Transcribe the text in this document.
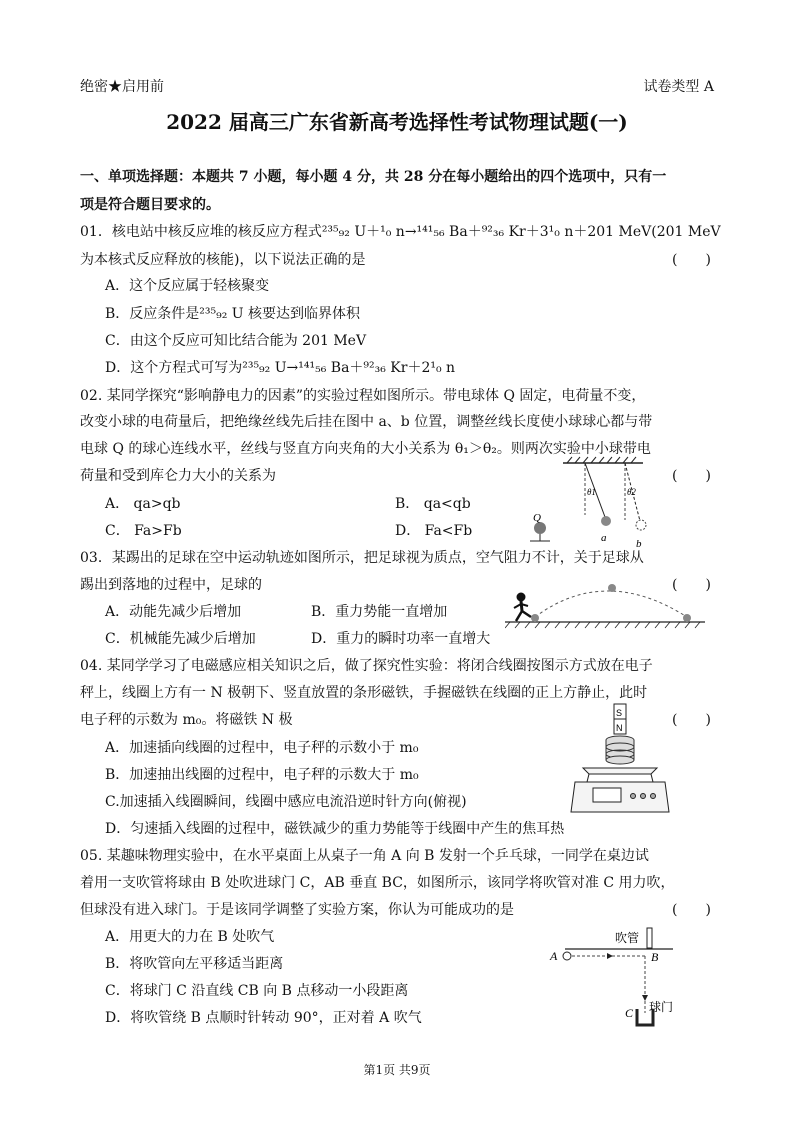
绝密★启用前	试卷类型 A
2022 届高三广东省新高考选择性考试物理试题(一)
一、单项选择题：本题共 7 小题，每小题 4 分，共 28 分在每小题给出的四个选项中，只有一
项是符合题目要求的。
01．核电站中核反应堆的核反应方程式²³⁵₉₂ U＋¹₀ n→¹⁴¹₅₆ Ba＋⁹²₃₆ Kr＋3¹₀ n＋201 MeV(201 MeV
为本核式反应释放的核能)，以下说法正确的是	(　　)
A．这个反应属于轻核聚变
B．反应条件是²³⁵₉₂ U 核要达到临界体积
C．由这个反应可知比结合能为 201 MeV
D．这个方程式可写为²³⁵₉₂ U→¹⁴¹₅₆ Ba＋⁹²₃₆ Kr＋2¹₀ n
02. 某同学探究“影响静电力的因素”的实验过程如图所示。带电球体 Q 固定，电荷量不变，
改变小球的电荷量后，把绝缘丝线先后挂在图中 a、b 位置，调整丝线长度使小球球心都与带
电球 Q 的球心连线水平，丝线与竖直方向夹角的大小关系为 θ₁＞θ₂。则两次实验中小球带电
荷量和受到库仑力大小的关系为	(　　)
A． qa>qb	B． qa<qb
C． Fa>Fb	D． Fa<Fb
Q
a	b
θ1	θ2
03．某踢出的足球在空中运动轨迹如图所示，把足球视为质点，空气阻力不计，关于足球从
踢出到落地的过程中，足球的	(　　)
A．动能先减少后增加	B．重力势能一直增加
C．机械能先减少后增加	D．重力的瞬时功率一直增大
04. 某同学学习了电磁感应相关知识之后，做了探究性实验：将闭合线圈按图示方式放在电子
秤上，线圈上方有一 N 极朝下、竖直放置的条形磁铁，手握磁铁在线圈的正上方静止，此时
电子秤的示数为 m₀。将磁铁 N 极	(　　)
A．加速插向线圈的过程中，电子秤的示数小于 m₀
B．加速抽出线圈的过程中，电子秤的示数大于 m₀
C.加速插入线圈瞬间，线圈中感应电流沿逆时针方向(俯视)
D．匀速插入线圈的过程中，磁铁减少的重力势能等于线圈中产生的焦耳热
S
N
05. 某趣味物理实验中，在水平桌面上从桌子一角 A 向 B 发射一个乒乓球，一同学在桌边试
着用一支吹管将球由 B 处吹进球门 C，AB 垂直 BC，如图所示，该同学将吹管对准 C 用力吹，
但球没有进入球门。于是该同学调整了实验方案，你认为可能成功的是	(　　)
A．用更大的力在 B 处吹气
B．将吹管向左平移适当距离
C．将球门 C 沿直线 CB 向 B 点移动一小段距离
D．将吹管绕 B 点顺时针转动 90°，正对着 A 吹气
吹管
A	B
球门
C
第1页 共9页
